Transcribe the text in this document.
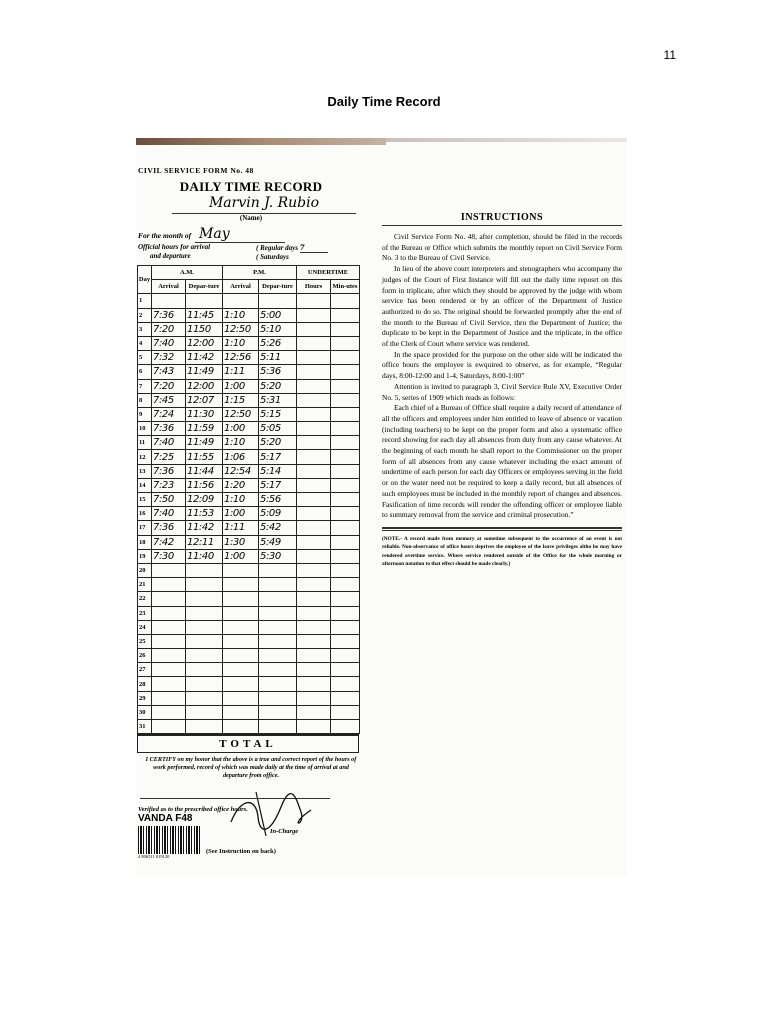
11
Daily Time Record
CIVIL SERVICE FORM No. 48
DAILY TIME RECORD
Marvin J. Rubio
(Name)
For the month of May
Official hours for arrival
and departure
( Regular days 7
( Saturdays
Day	A.M.		P.M.		UNDERTIME	
	Arrival	Depar-ture	Arrival	Depar-ture	Hours	Min-utes
1						
2	7:36	11:45	1:10	5:00		
3	7:20	1150	12:50	5:10		
4	7:40	12:00	1:10	5:26		
5	7:32	11:42	12:56	5:11		
6	7:43	11:49	1:11	5:36		
7	7:20	12:00	1:00	5:20		
8	7:45	12:07	1:15	5:31		
9	7:24	11:30	12:50	5:15		
10	7:36	11:59	1:00	5:05		
11	7:40	11:49	1:10	5:20		
12	7:25	11:55	1:06	5:17		
13	7:36	11:44	12:54	5:14		
14	7:23	11:56	1:20	5:17		
15	7:50	12:09	1:10	5:56		
16	7:40	11:53	1:00	5:09		
17	7:36	11:42	1:11	5:42		
18	7:42	12:11	1:30	5:49		
19	7:30	11:40	1:00	5:30		
20						
21						
22						
23						
24						
25						
26						
27						
28						
29						
30						
31						
TOTAL
I CERTIFY on my honor that the above is a true and correct report of the hours of work performed, record of which was made daily at the time of arrival at and departure from office.
Verified as to the prescribed office hours.
VANDA F48
In-Charge
4 806511 819120
(See Instruction on back)
INSTRUCTIONS

Civil Service Form No. 48, after completion, should be filed in the records of the Bureau or Office which submits the monthly report on Civil Service Form No. 3 to the Bureau of Civil Service.

In lieu of the above court interpreters and stenographers who accompany the judges of the Court of First Instance will fill out the daily time reposrt on this form in triplicate, after which they should be approved by the judge with whom service has been rendered or by an officer of the Department of Justice authorized to do so. The original should be forwarded promptly after the end of the month to the Bureau of Civil Service, thru the Department of Justice; the duplicate to be kept in the Department of Justice and the triplicate, in the office of the Clerk of Court where service was rendered.

In the space provided for the purpose on the other side will be indicated the office hours the employee is ewquired to observe, as for example, “Regular days, 8:00-12:00 and 1-4, Saturdays, 8:00-1:00”

Attention is invited to paragraph 3, Civil Service Rule XV, Executive Order No. 5, series of 1909 which reads as follows:

Each chief of a Bureau of Office shall require a daily record of attendance of all the officers and employees under him entitled to leave of absence or vacation (including teachers) to be kept on the proper form and also a systematic office record showing for each day all absences from duty from any cause whatever. At the beginning of each month he shall report to the Commissioner on the proper form of all absences from any cause whatever including the exact amount of undertime of each person for each day Officers or employees serving in the field or on the water need not be required to keep a daily record, but all absences of such employees must be included in the monthly report of changes and absences. Fasification of time records will render the offending officer or employee liable to summary removal from the service and criminal prosecution.”

(NOTE.- A record made from memory at sometime subsequent to the occurrence of an event is not reliable. Non-observance of office hours deprives the employee of the leave privileges altho he may have rendered overtime service. Where service rendered outside of the Office for the whole morning or afternoon notation to that effect should be made clearly.)
